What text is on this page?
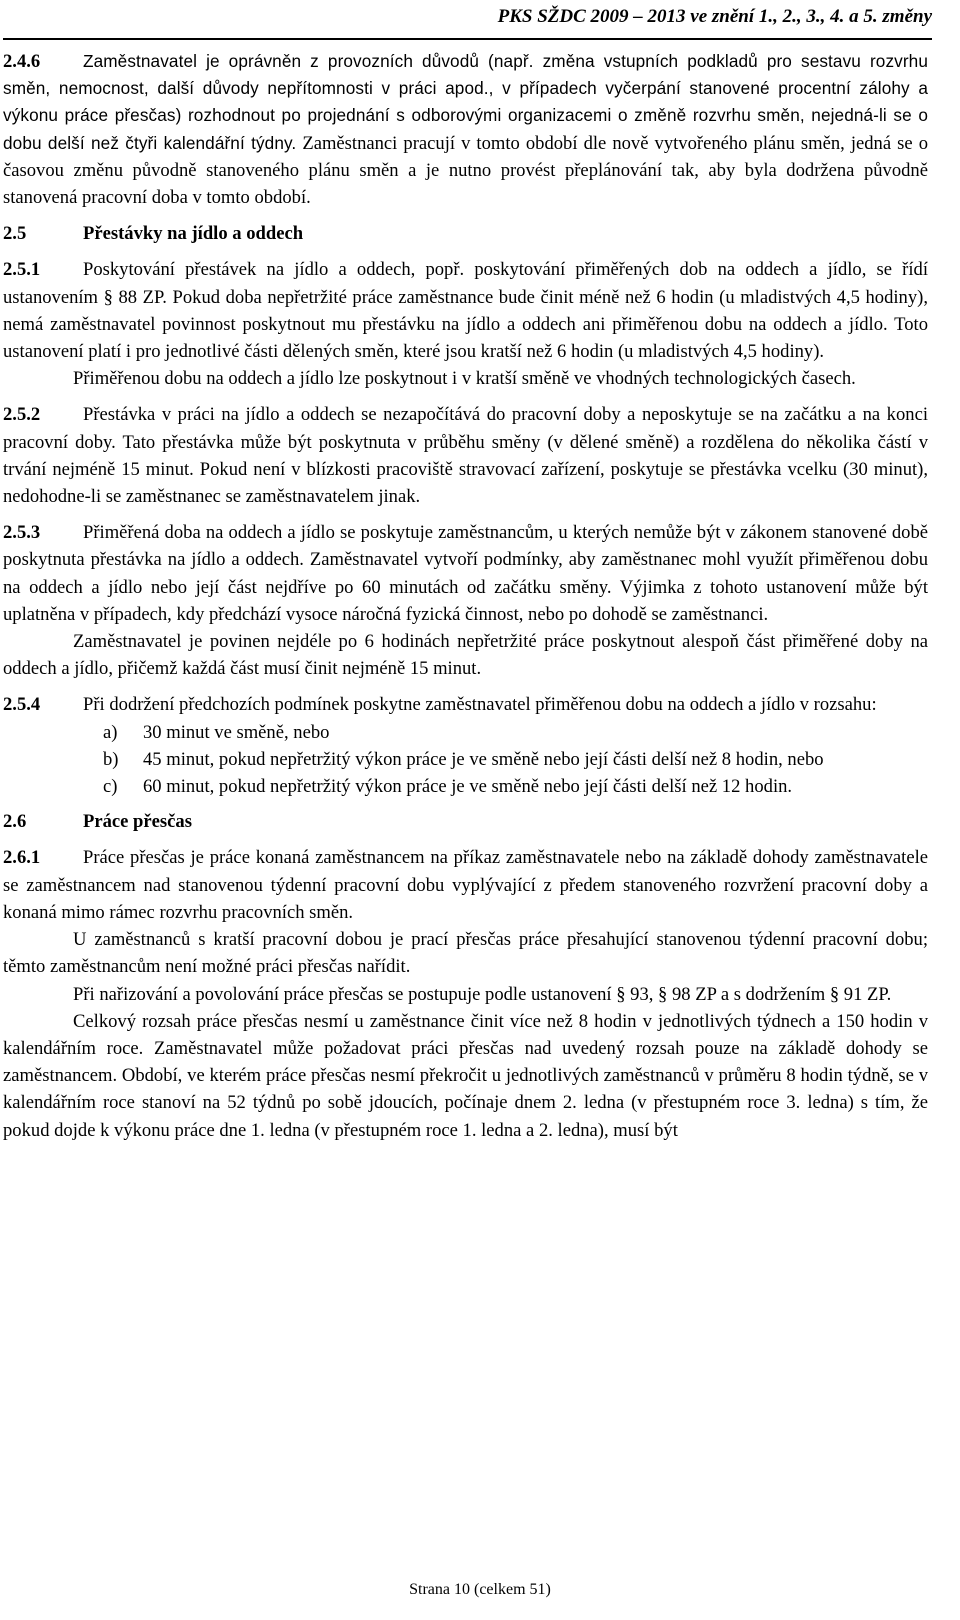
PKS SŽDC 2009 – 2013 ve znění 1., 2., 3., 4. a 5. změny

2.4.6 Zaměstnavatel je oprávněn z provozních důvodů (např. změna vstupních podkladů pro sestavu rozvrhu směn, nemocnost, další důvody nepřítomnosti v práci apod., v případech vyčerpání stanovené procentní zálohy a výkonu práce přesčas) rozhodnout po projednání s odborovými organizacemi o změně rozvrhu směn, nejedná-li se o dobu delší než čtyři kalendářní týdny. Zaměstnanci pracují v tomto období dle nově vytvořeného plánu směn, jedná se o časovou změnu původně stanoveného plánu směn a je nutno provést přeplánování tak, aby byla dodržena původně stanovená pracovní doba v tomto období.

2.5	Přestávky na jídlo a oddech

2.5.1 Poskytování přestávek na jídlo a oddech, popř. poskytování přiměřených dob na oddech a jídlo, se řídí ustanovením § 88 ZP. Pokud doba nepřetržité práce zaměstnance bude činit méně než 6 hodin (u mladistvých 4,5 hodiny), nemá zaměstnavatel povinnost poskytnout mu přestávku na jídlo a oddech ani přiměřenou dobu na oddech a jídlo. Toto ustanovení platí i pro jednotlivé části dělených směn, které jsou kratší než 6 hodin (u mladistvých 4,5 hodiny).

Přiměřenou dobu na oddech a jídlo lze poskytnout i v kratší směně ve vhodných technologických časech.

2.5.2 Přestávka v práci na jídlo a oddech se nezapočítává do pracovní doby a neposkytuje se na začátku a na konci pracovní doby. Tato přestávka může být poskytnuta v průběhu směny (v dělené směně) a rozdělena do několika částí v trvání nejméně 15 minut. Pokud není v blízkosti pracoviště stravovací zařízení, poskytuje se přestávka vcelku (30 minut), nedohodne-li se zaměstnanec se zaměstnavatelem jinak.

2.5.3 Přiměřená doba na oddech a jídlo se poskytuje zaměstnancům, u kterých nemůže být v zákonem stanovené době poskytnuta přestávka na jídlo a oddech. Zaměstnavatel vytvoří podmínky, aby zaměstnanec mohl využít přiměřenou dobu na oddech a jídlo nebo její část nejdříve po 60 minutách od začátku směny. Výjimka z tohoto ustanovení může být uplatněna v případech, kdy předchází vysoce náročná fyzická činnost, nebo po dohodě se zaměstnanci.

Zaměstnavatel je povinen nejdéle po 6 hodinách nepřetržité práce poskytnout alespoň část přiměřené doby na oddech a jídlo, přičemž každá část musí činit nejméně 15 minut.

2.5.4 Při dodržení předchozích podmínek poskytne zaměstnavatel přiměřenou dobu na oddech a jídlo v rozsahu:

a) 30 minut ve směně, nebo
b) 45 minut, pokud nepřetržitý výkon práce je ve směně nebo její části delší než 8 hodin, nebo
c) 60 minut, pokud nepřetržitý výkon práce je ve směně nebo její části delší než 12 hodin.
2.6	Práce přesčas

2.6.1 Práce přesčas je práce konaná zaměstnancem na příkaz zaměstnavatele nebo na základě dohody zaměstnavatele se zaměstnancem nad stanovenou týdenní pracovní dobu vyplývající z předem stanoveného rozvržení pracovní doby a konaná mimo rámec rozvrhu pracovních směn.

U zaměstnanců s kratší pracovní dobou je prací přesčas práce přesahující stanovenou týdenní pracovní dobu; těmto zaměstnancům není možné práci přesčas nařídit.

Při nařizování a povolování práce přesčas se postupuje podle ustanovení § 93, § 98 ZP a s dodržením § 91 ZP.

Celkový rozsah práce přesčas nesmí u zaměstnance činit více než 8 hodin v jednotlivých týdnech a 150 hodin v kalendářním roce. Zaměstnavatel může požadovat práci přesčas nad uvedený rozsah pouze na základě dohody se zaměstnancem. Období, ve kterém práce přesčas nesmí překročit u jednotlivých zaměstnanců v průměru 8 hodin týdně, se v kalendářním roce stanoví na 52 týdnů po sobě jdoucích, počínaje dnem 2. ledna (v přestupném roce 3. ledna) s tím, že pokud dojde k výkonu práce dne 1. ledna (v přestupném roce 1. ledna a 2. ledna), musí být

Strana 10 (celkem 51)
